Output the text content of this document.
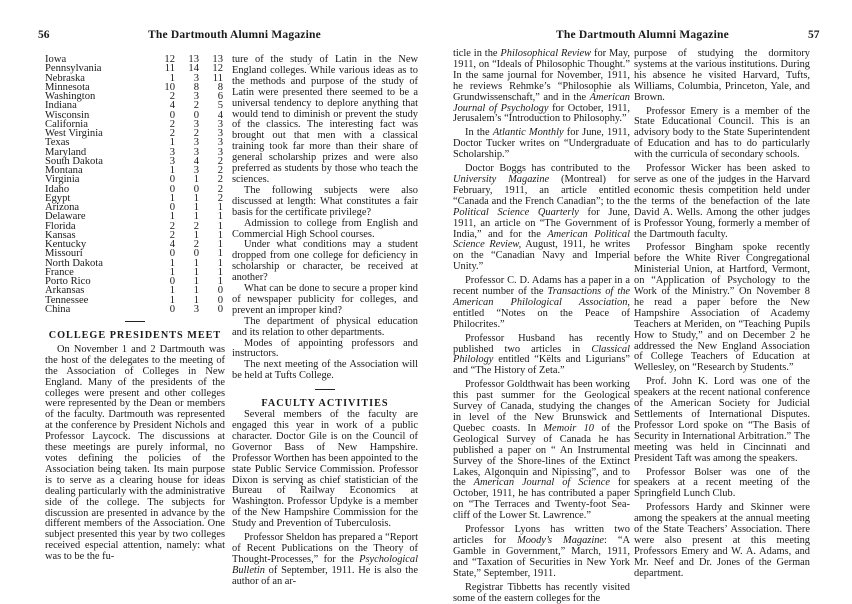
56	The Dartmouth Alumni Magazine
Iowa	12	13	13
Pennsylvania	11	14	12
Nebraska	1	3	11
Minnesota	10	8	8
Washington	2	3	6
Indiana	4	2	5
Wisconsin	0	0	4
California	2	3	3
West Virginia	2	2	3
Texas	1	3	3
Maryland	3	3	3
South Dakota	3	4	2
Montana	1	3	2
Virginia	0	1	2
Idaho	0	0	2
Egypt	1	1	2
Arizona	0	1	1
Delaware	1	1	1
Florida	2	2	1
Kansas	2	1	1
Kentucky	4	2	1
Missouri	0	0	1
North Dakota	1	1	1
France	1	1	1
Porto Rico	0	1	1
Arkansas	1	1	0
Tennessee	1	1	0
China	0	3	0

COLLEGE PRESIDENTS MEET

On November 1 and 2 Dartmouth was the host of the delegates to the meeting of the Association of Colleges in New England. Many of the presidents of the colleges were present and other colleges were represented by the Dean or members of the faculty. Dartmouth was represented at the conference by President Nichols and Professor Laycock. The discussions at these meetings are purely informal, no votes defining the policies of the Association being taken. Its main purpose is to serve as a clearing house for ideas dealing particularly with the administrative side of the college. The subjects for discussion are presented in advance by the different members of the Association. One subject presented this year by two colleges received especial attention, namely: what was to be the fu-

ture of the study of Latin in the New England colleges. While various ideas as to the methods and purpose of the study of Latin were presented there seemed to be a universal tendency to deplore anything that would tend to diminish or prevent the study of the classics. The interesting fact was brought out that men with a classical training took far more than their share of general scholarship prizes and were also preferred as students by those who teach the sciences.

The following subjects were also discussed at length: What constitutes a fair basis for the certificate privilege?

Admission to college from English and Commercial High School courses.

Under what conditions may a student dropped from one college for deficiency in scholarship or character, be received at another?

What can be done to secure a proper kind of newspaper publicity for colleges, and prevent an improper kind?

The department of physical education and its relation to other departments.

Modes of appointing professors and instructors.

The next meeting of the Association will be held at Tufts College.

FACULTY ACTIVITIES

Several members of the faculty are engaged this year in work of a public character. Doctor Gile is on the Council of Governor Bass of New Hampshire. Professor Worthen has been appointed to the state Public Service Commission. Professor Dixon is serving as chief statistician of the Bureau of Railway Economics at Washington. Professor Updyke is a member of the New Hampshire Commission for the Study and Prevention of Tuberculosis.

Professor Sheldon has prepared a “Report of Recent Publications on the Theory of Thought-Processes,” for the Psychological Bulletin of September, 1911. He is also the author of an ar-

The Dartmouth Alumni Magazine	57

ticle in the Philosophical Review for May, 1911, on “Ideals of Philosophic Thought.” In the same journal for November, 1911, he reviews Rehmke’s “Philosophie als Grundwissenschaft,” and in the American Journal of Psychology for October, 1911, Jerusalem’s “Introduction to Philosophy.”

In the Atlantic Monthly for June, 1911, Doctor Tucker writes on “Undergraduate Scholarship.”

Doctor Boggs has contributed to the University Magazine (Montreal) for February, 1911, an article entitled “Canada and the French Canadian”; to the Political Science Quarterly for June, 1911, an article on “The Government of India,” and for the American Political Science Review, August, 1911, he writes on the “Canadian Navy and Imperial Unity.”

Professor C. D. Adams has a paper in a recent number of the Transactions of the American Philological Association, entitled “Notes on the Peace of Philocrites.”

Professor Husband has recently published two articles in Classical Philology entitled “Këlts and Ligurians” and “The History of Zeta.”

Professor Goldthwait has been working this past summer for the Geological Survey of Canada, studying the changes in level of the New Brunswick and Quebec coasts. In Memoir 10 of the Geological Survey of Canada he has published a paper on “ An Instrumental Survey of the Shore-lines of the Extinct Lakes, Algonquin and Nipissing”, and to the American Journal of Science for October, 1911, he has contributed a paper on “The Terraces and Twenty-foot Sea-cliff of the Lower St. Lawrence.”

Professor Lyons has written two articles for Moody’s Magazine: “A Gamble in Government,” March, 1911, and “Taxation of Securities in New York State,” September, 1911.

Registrar Tibbetts has recently visited some of the eastern colleges for the

purpose of studying the dormitory systems at the various institutions. During his absence he visited Harvard, Tufts, Williams, Columbia, Princeton, Yale, and Brown.

Professor Emery is a member of the State Educational Council. This is an advisory body to the State Superintendent of Education and has to do particularly with the curricula of secondary schools.

Professor Wicker has been asked to serve as one of the judges in the Harvard economic thesis competition held under the terms of the benefaction of the late David A. Wells. Among the other judges is Professor Young, formerly a member of the Dartmouth faculty.

Professor Bingham spoke recently before the White River Congregational Ministerial Union, at Hartford, Vermont, on “Application of Psychology to the Work of the Ministry.” On November 8 he read a paper before the New Hampshire Association of Academy Teachers at Meriden, on “Teaching Pupils How to Study,” and on December 2 he addressed the New England Association of College Teachers of Education at Wellesley, on “Research by Students.”

Prof. John K. Lord was one of the speakers at the recent national conference of the American Society for Judicial Settlements of International Disputes. Professor Lord spoke on “The Basis of Security in International Arbitration.” The meeting was held in Cincinnati and President Taft was among the speakers.

Professor Bolser was one of the speakers at a recent meeting of the Springfield Lunch Club.

Professors Hardy and Skinner were among the speakers at the annual meeting of the State Teachers’ Association. There were also present at this meeting Professors Emery and W. A. Adams, and Mr. Neef and Dr. Jones of the German department.
